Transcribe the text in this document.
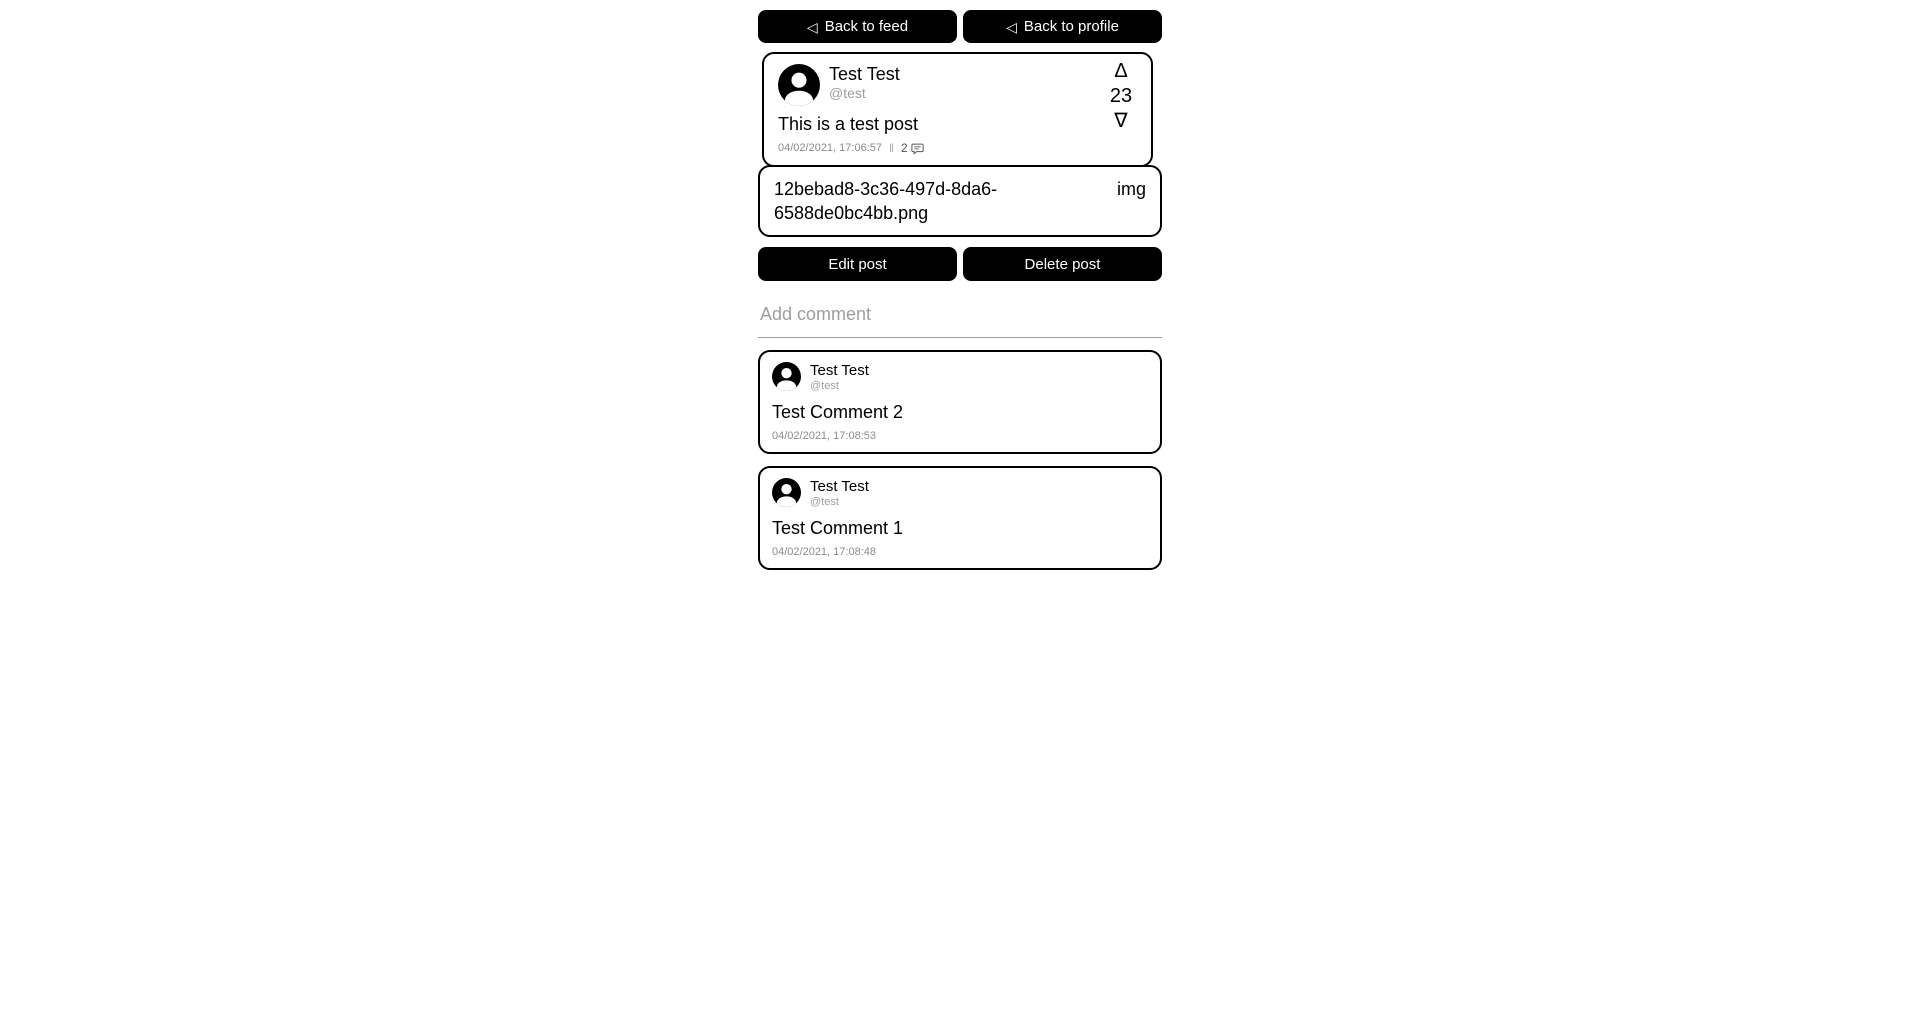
◁ Back to feed	◁ Back to profile
Test Test
@test
This is a test post
04/02/2021, 17:06:57 ‖ 2
Δ
23
∇
12bebad8-3c36-497d-8da6-6588de0bc4bb.png
img
Edit post	Delete post
Add comment
Test Test
@test
Test Comment 2
04/02/2021, 17:08:53
Test Test
@test
Test Comment 1
04/02/2021, 17:08:48
